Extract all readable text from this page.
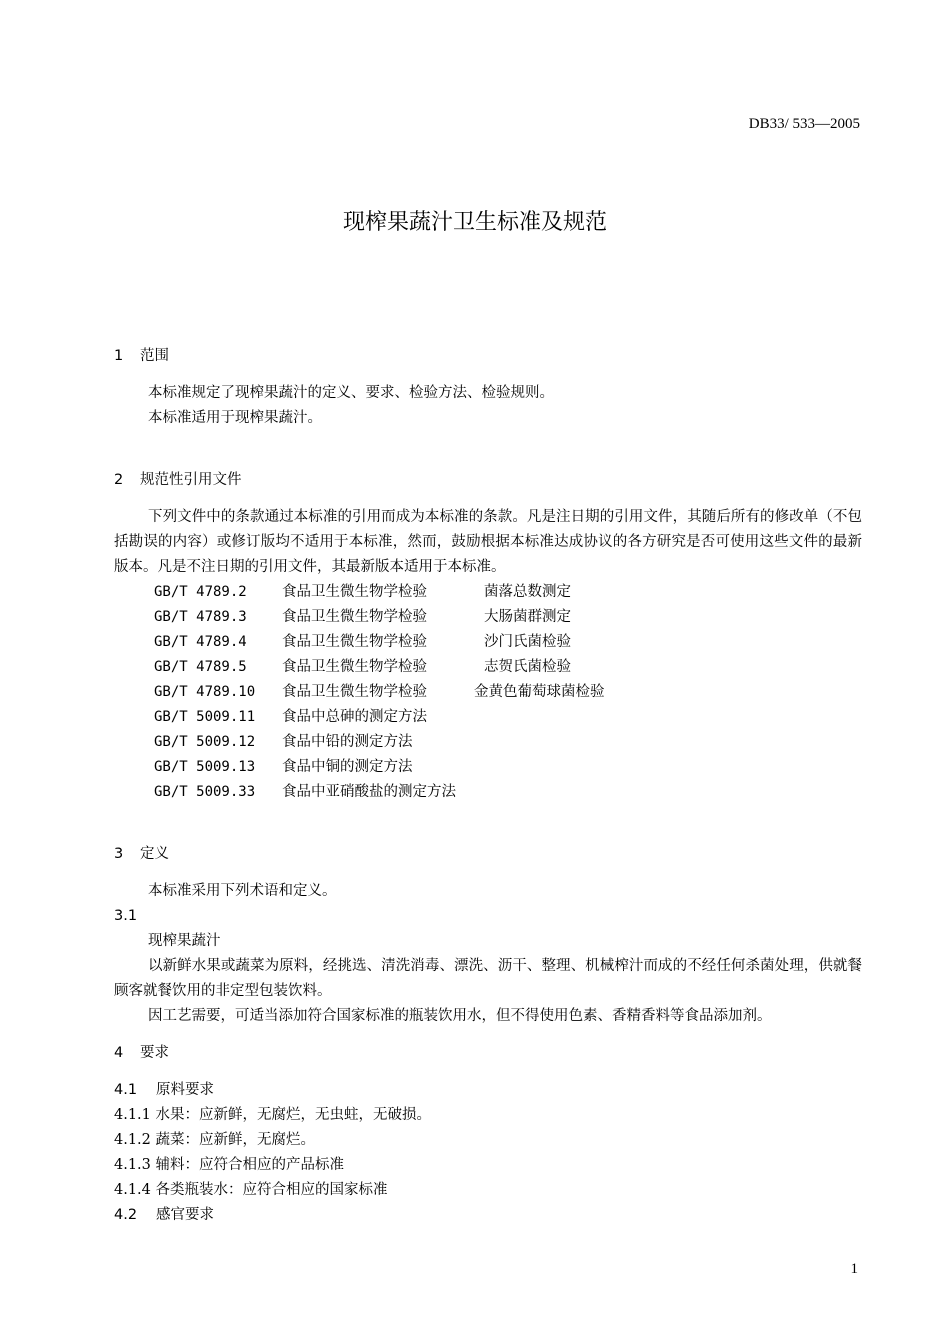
DB33/ 533—2005
现榨果蔬汁卫生标准及规范
1 范围
本标准规定了现榨果蔬汁的定义、要求、检验方法、检验规则。
本标准适用于现榨果蔬汁。
2 规范性引用文件
下列文件中的条款通过本标准的引用而成为本标准的条款。凡是注日期的引用文件，其随后所有的修改单（不包括勘误的内容）或修订版均不适用于本标准，然而，鼓励根据本标准达成协议的各方研究是否可使用这些文件的最新版本。凡是不注日期的引用文件，其最新版本适用于本标准。
GB/T 4789.2 食品卫生微生物学检验	菌落总数测定
GB/T 4789.3 食品卫生微生物学检验	大肠菌群测定
GB/T 4789.4 食品卫生微生物学检验	沙门氏菌检验
GB/T 4789.5 食品卫生微生物学检验	志贺氏菌检验
GB/T 4789.10 食品卫生微生物学检验	金黄色葡萄球菌检验
GB/T 5009.11 食品中总砷的测定方法
GB/T 5009.12 食品中铅的测定方法
GB/T 5009.13 食品中铜的测定方法
GB/T 5009.33 食品中亚硝酸盐的测定方法
3 定义
本标准采用下列术语和定义。
3.1
现榨果蔬汁
以新鲜水果或蔬菜为原料，经挑选、清洗消毒、漂洗、沥干、整理、机械榨汁而成的不经任何杀菌处理，供就餐顾客就餐饮用的非定型包装饮料。
因工艺需要，可适当添加符合国家标准的瓶装饮用水，但不得使用色素、香精香料等食品添加剂。
4 要求
4.1 原料要求
4.1.1 水果：应新鲜，无腐烂，无虫蛀，无破损。
4.1.2 蔬菜：应新鲜，无腐烂。
4.1.3 辅料：应符合相应的产品标准
4.1.4 各类瓶装水：应符合相应的国家标准
4.2 感官要求
1
